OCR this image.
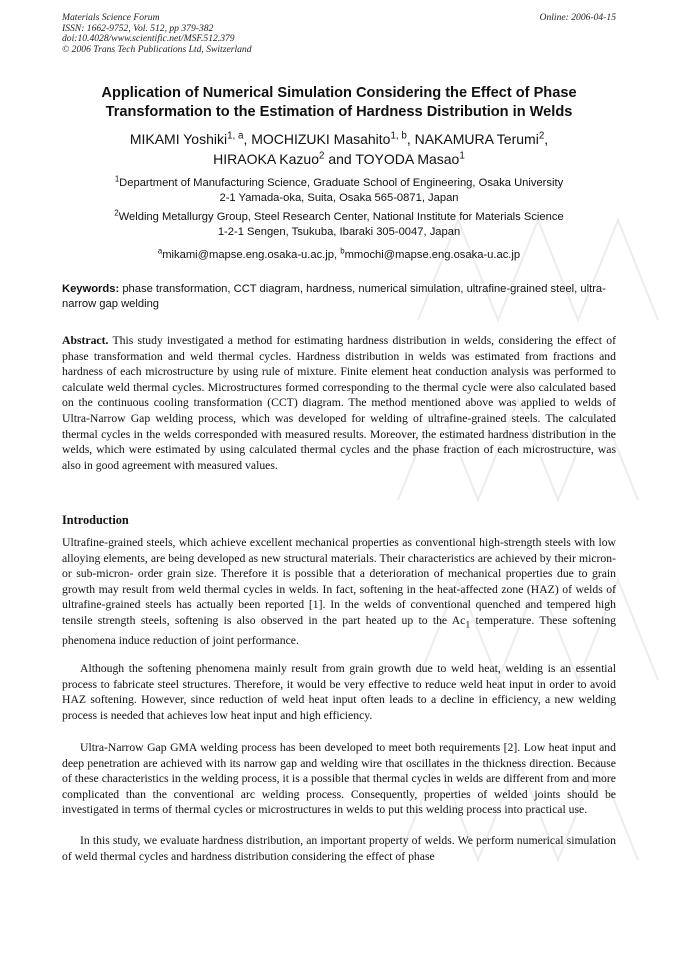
Materials Science Forum
ISSN: 1662-9752, Vol. 512, pp 379-382
doi:10.4028/www.scientific.net/MSF.512.379
© 2006 Trans Tech Publications Ltd, Switzerland
Online: 2006-04-15
Application of Numerical Simulation Considering the Effect of Phase
Transformation to the Estimation of Hardness Distribution in Welds
MIKAMI Yoshiki$^{1, a}$, MOCHIZUKI Masahito$^{1, b}$, NAKAMURA Terumi$^2$,
HIRAOKA Kazuo$^2$ and TOYODA Masao$^1$
$^1$Department of Manufacturing Science, Graduate School of Engineering, Osaka University
2-1 Yamada-oka, Suita, Osaka 565-0871, Japan
$^2$Welding Metallurgy Group, Steel Research Center, National Institute for Materials Science
1-2-1 Sengen, Tsukuba, Ibaraki 305-0047, Japan
$^a$mikami@mapse.eng.osaka-u.ac.jp, $^b$mmochi@mapse.eng.osaka-u.ac.jp
Keywords: phase transformation, CCT diagram, hardness, numerical simulation, ultrafine-grained steel, ultra-narrow gap welding
Abstract. This study investigated a method for estimating hardness distribution in welds, considering the effect of phase transformation and weld thermal cycles. Hardness distribution in welds was estimated from fractions and hardness of each microstructure by using rule of mixture. Finite element heat conduction analysis was performed to calculate weld thermal cycles. Microstructures formed corresponding to the thermal cycle were also calculated based on the continuous cooling transformation (CCT) diagram. The method mentioned above was applied to welds of Ultra-Narrow Gap welding process, which was developed for welding of ultrafine-grained steels. The calculated thermal cycles in the welds corresponded with measured results. Moreover, the estimated hardness distribution in the welds, which were estimated by using calculated thermal cycles and the phase fraction of each microstructure, was also in good agreement with measured values.
Introduction
Ultrafine-grained steels, which achieve excellent mechanical properties as conventional high-strength steels with low alloying elements, are being developed as new structural materials. Their characteristics are achieved by their micron- or sub-micron- order grain size. Therefore it is possible that a deterioration of mechanical properties due to grain growth may result from weld thermal cycles in welds. In fact, softening in the heat-affected zone (HAZ) of welds of ultrafine-grained steels has actually been reported [1]. In the welds of conventional quenched and tempered high tensile strength steels, softening is also observed in the part heated up to the $Ac_1$ temperature. These softening phenomena induce reduction of joint performance.
Although the softening phenomena mainly result from grain growth due to weld heat, welding is an essential process to fabricate steel structures. Therefore, it would be very effective to reduce weld heat input in order to avoid HAZ softening. However, since reduction of weld heat input often leads to a decline in efficiency, a new welding process is needed that achieves low heat input and high efficiency.
Ultra-Narrow Gap GMA welding process has been developed to meet both requirements [2]. Low heat input and deep penetration are achieved with its narrow gap and welding wire that oscillates in the thickness direction. Because of these characteristics in the welding process, it is a possible that thermal cycles in welds are different from and more complicated than the conventional arc welding process. Consequently, properties of welded joints should be investigated in terms of thermal cycles or microstructures in welds to put this welding process into practical use.
In this study, we evaluate hardness distribution, an important property of welds. We perform numerical simulation of weld thermal cycles and hardness distribution considering the effect of phase
